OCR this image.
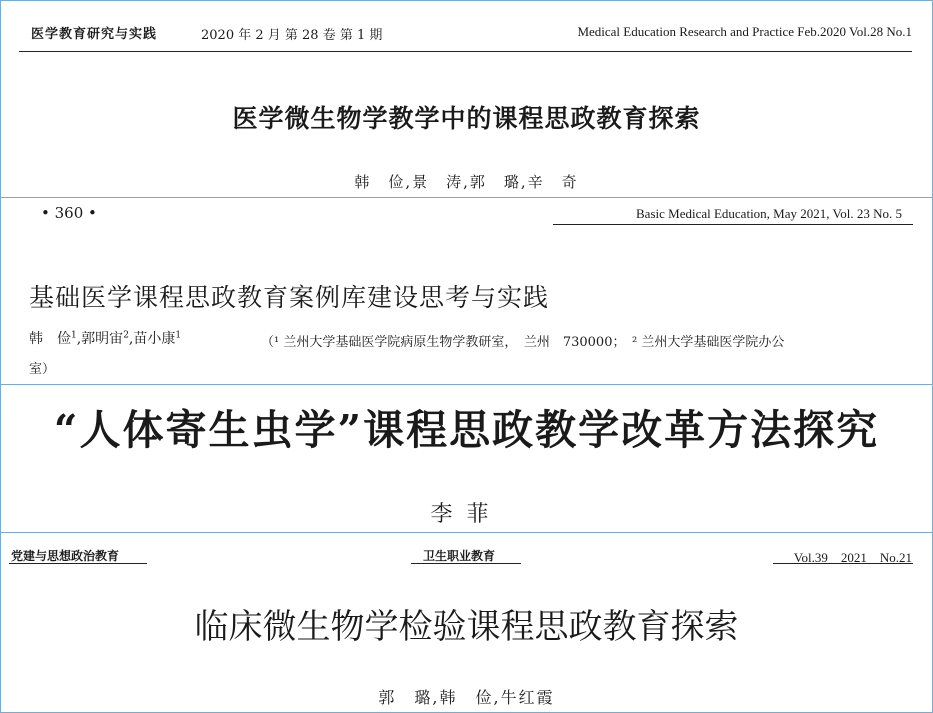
医学教育研究与实践	2020 年 2 月 第 28 卷 第 1 期	Medical Education Research and Practice Feb.2020 Vol.28 No.1
医学微生物学教学中的课程思政教育探索
韩　俭,景　涛,郭　璐,辛　奇
• 360 •	Basic Medical Education, May 2021, Vol. 23 No. 5
基础医学课程思政教育案例库建设思考与实践
韩　俭$^1$,郭明宙$^2$,苗小康$^1$	（¹ 兰州大学基础医学院病原生物学教研室，　兰州　730000；　² 兰州大学基础医学院办公
室）
“人体寄生虫学”课程思政教学改革方法探究
李菲
党建与思想政治教育	卫生职业教育	Vol.39　2021　No.21
临床微生物学检验课程思政教育探索
郭　璐,韩　俭,牛红霞
